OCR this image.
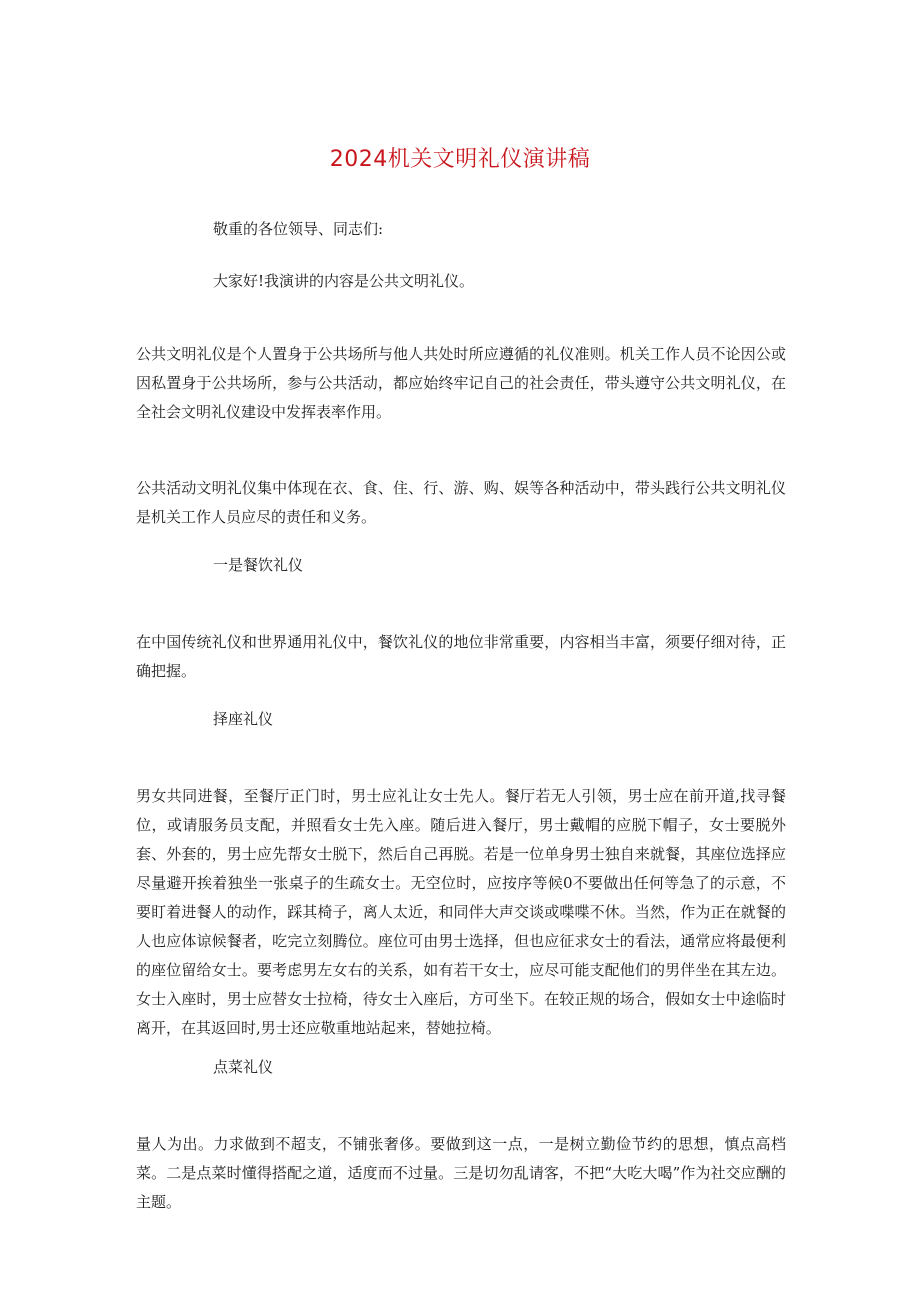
2024机关文明礼仪演讲稿
敬重的各位领导、同志们:
大家好!我演讲的内容是公共文明礼仪。
公共文明礼仪是个人置身于公共场所与他人共处时所应遵循的礼仪准则。机关工作人员不论因公或因私置身于公共场所，参与公共活动，都应始终牢记自己的社会责任，带头遵守公共文明礼仪，在全社会文明礼仪建设中发挥表率作用。
公共活动文明礼仪集中体现在衣、食、住、行、游、购、娱等各种活动中，带头践行公共文明礼仪是机关工作人员应尽的责任和义务。
一是餐饮礼仪
在中国传统礼仪和世界通用礼仪中，餐饮礼仪的地位非常重要，内容相当丰富，须要仔细对待，正确把握。
择座礼仪
男女共同进餐，至餐厅正门时，男士应礼让女士先人。餐厅若无人引领，男士应在前开道,找寻餐位，或请服务员支配，并照看女士先入座。随后进入餐厅，男士戴帽的应脱下帽子，女士要脱外套、外套的，男士应先帮女士脱下，然后自己再脱。若是一位单身男士独自来就餐，其座位选择应尽量避开挨着独坐一张桌子的生疏女士。无空位时，应按序等候0不要做出任何等急了的示意，不要盯着进餐人的动作，踩其椅子，离人太近，和同伴大声交谈或喋喋不休。当然，作为正在就餐的人也应体谅候餐者，吃完立刻腾位。座位可由男士选择，但也应征求女士的看法，通常应将最便利的座位留给女士。要考虑男左女右的关系，如有若干女士，应尽可能支配他们的男伴坐在其左边。女士入座时，男士应替女士拉椅，待女士入座后，方可坐下。在较正规的场合，假如女士中途临时离开，在其返回时,男士还应敬重地站起来，替她拉椅。
点菜礼仪
量人为出。力求做到不超支，不铺张奢侈。要做到这一点，一是树立勤俭节约的思想，慎点高档菜。二是点菜时懂得搭配之道，适度而不过量。三是切勿乱请客，不把“大吃大喝”作为社交应酬的主题。
